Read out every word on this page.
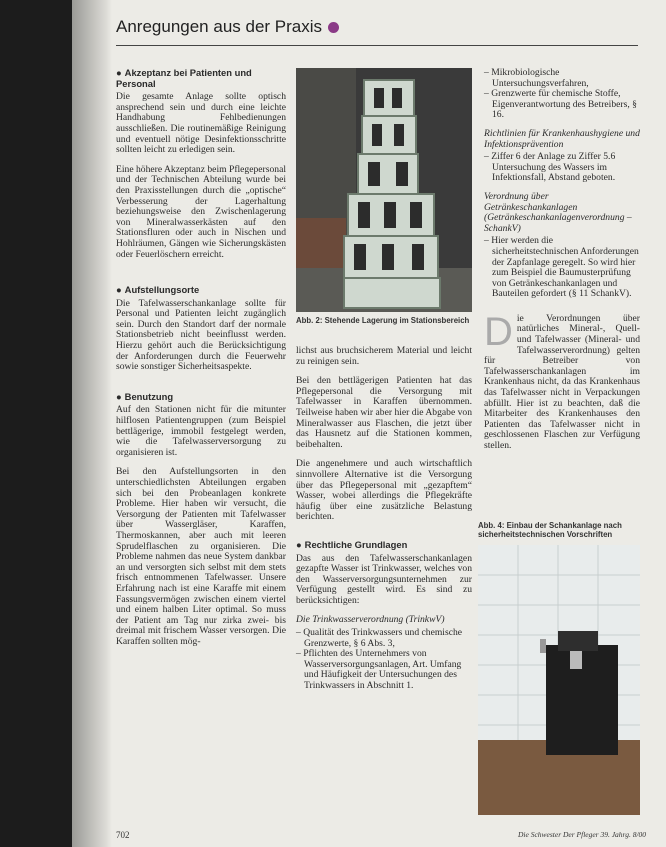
Anregungen aus der Praxis
● Akzeptanz bei Patienten und Personal

Die gesamte Anlage sollte optisch ansprechend sein und durch eine leichte Handhabung Fehlbedienungen ausschließen. Die routinemäßige Reinigung und eventuell nötige Desinfektionsschritte sollten leicht zu erledigen sein.

Eine höhere Akzeptanz beim Pflegepersonal und der Technischen Abteilung wurde bei den Praxisstellungen durch die „optische“ Verbesserung der Lagerhaltung beziehungsweise den Zwischenlagerung von Mineralwasserkästen auf den Stationsfluren oder auch in Nischen und Hohlräumen, Gängen wie Sicherungskästen oder Feuerlöschern erreicht.

● Aufstellungsorte

Die Tafelwasserschankanlage sollte für Personal und Patienten leicht zugänglich sein. Durch den Standort darf der normale Stationsbetrieb nicht beeinflusst werden. Hierzu gehört auch die Berücksichtigung der Anforderungen durch die Feuerwehr sowie sonstiger Sicherheitsaspekte.

● Benutzung

Auf den Stationen nicht für die mitunter hilflosen Patientengruppen (zum Beispiel bettlägerige, immobil festgelegt werden, wie die Tafelwasserversorgung zu organisieren ist.

Bei den Aufstellungsorten in den unterschiedlichsten Abteilungen ergaben sich bei den Probeanlagen konkrete Probleme. Hier haben wir versucht, die Versorgung der Patienten mit Tafelwasser über Wassergläser, Karaffen, Thermoskannen, aber auch mit leeren Sprudelflaschen zu organisieren. Die Probleme nahmen das neue System dankbar an und versorgten sich selbst mit dem stets frisch entnommenen Tafelwasser. Unsere Erfahrung nach ist eine Karaffe mit einem Fassungsvermögen zwischen einem viertel und einem halben Liter optimal. So muss der Patient am Tag nur zirka zwei- bis dreimal mit frischem Wasser versorgen. Die Karaffen sollten mög-

Abb. 2: Stehende Lagerung im Stationsbereich

lichst aus bruchsicherem Material und leicht zu reinigen sein.

Bei den bettlägerigen Patienten hat das Pflegepersonal die Versorgung mit Tafelwasser in Karaffen übernommen. Teilweise haben wir aber hier die Abgabe von Mineralwasser aus Flaschen, die jetzt über das Hausnetz auf die Stationen kommen, beibehalten.

Die angenehmere und auch wirtschaftlich sinnvollere Alternative ist die Versorgung über das Pflegepersonal mit „gezapftem“ Wasser, wobei allerdings die Pflegekräfte häufig über eine zusätzliche Belastung berichten.

● Rechtliche Grundlagen

Das aus den Tafelwasserschankanlagen gezapfte Wasser ist Trinkwasser, welches von den Wasserversorgungsunternehmen zur Verfügung gestellt wird. Es sind zu berücksichtigen:

Die Trinkwasserverordnung (TrinkwV)
– Qualität des Trinkwassers und chemische Grenzwerte, § 6 Abs. 3,
– Pflichten des Unternehmers von Wasserversorgungsanlagen, Art. Umfang und Häufigkeit der Untersuchungen des Trinkwassers in Abschnitt 1.
– Mikrobiologische Untersuchungsverfahren,
– Grenzwerte für chemische Stoffe, Eigenverantwortung des Betreibers, § 16.
Richtlinien für Krankenhaushygiene und Infektionsprävention
– Ziffer 6 der Anlage zu Ziffer 5.6 Untersuchung des Wassers im Infektionsfall, Abstand geboten.
Verordnung über Getränkeschankanlagen (Getränkeschankanlagenverordnung – SchankV)
– Hier werden die sicherheitstechnischen Anforderungen der Zapfanlage geregelt. So wird hier zum Beispiel die Baumusterprüfung von Getränkeschankanlagen und Bauteilen gefordert (§ 11 SchankV).

Die Verordnungen über natürliches Mineral-, Quell- und Tafelwasser (Mineral- und Tafelwasserverordnung) gelten für Betreiber von Tafelwasserschankanlagen im Krankenhaus nicht, da das Krankenhaus das Tafelwasser nicht in Verpackungen abfüllt. Hier ist zu beachten, daß die Mitarbeiter des Krankenhauses den Patienten das Tafelwasser nicht in geschlossenen Flaschen zur Verfügung stellen.

Abb. 4: Einbau der Schankanlage nach sicherheitstechnischen Vorschriften

702	Die Schwester Der Pfleger 39. Jahrg. 8/00
